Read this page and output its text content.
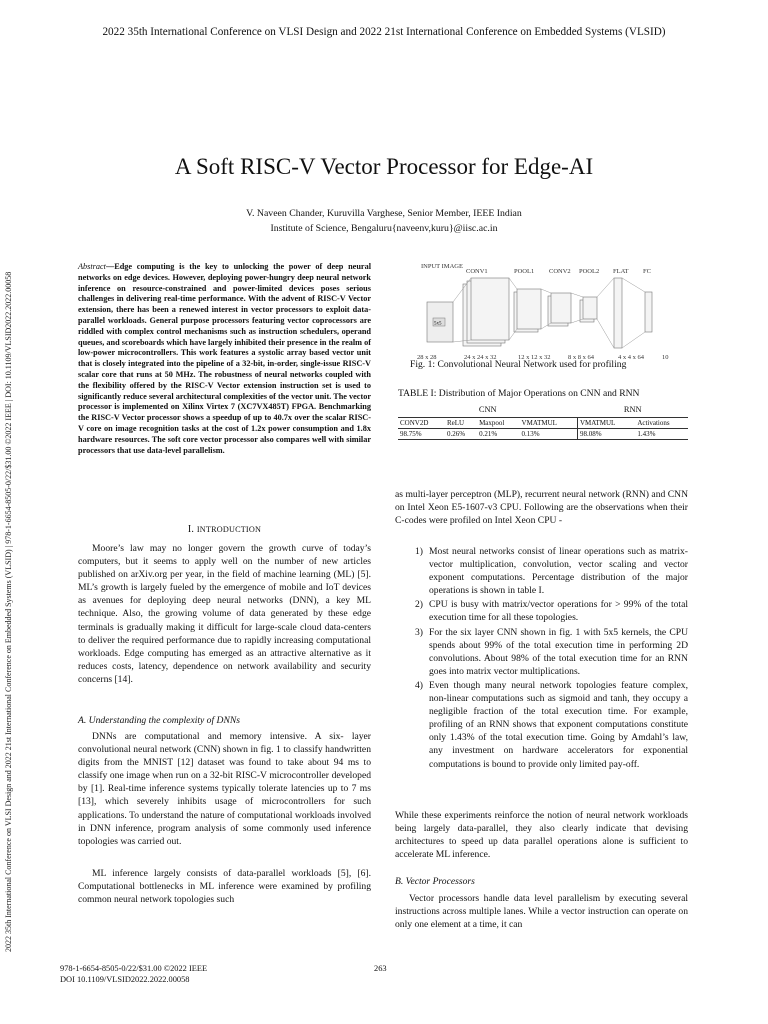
2022 35th International Conference on VLSI Design and 2022 21st International Conference on Embedded Systems (VLSID)
2022 35th International Conference on VLSI Design and 2022 21st International Conference on Embedded Systems (VLSID) | 978-1-6654-8505-0/22/$31.00 ©2022 IEEE | DOI: 10.1109/VLSID2022.2022.00058
A Soft RISC-V Vector Processor for Edge-AI
V. Naveen Chander, Kuruvilla Varghese, Senior Member, IEEE Indian
Institute of Science, Bengaluru{naveenv,kuru}@iisc.ac.in
Abstract—Edge computing is the key to unlocking the power of deep neural networks on edge devices. However, deploying power-hungry deep neural network inference on resource-constrained and power-limited devices poses serious challenges in delivering real-time performance. With the advent of RISC-V Vector extension, there has been a renewed interest in vector processors to exploit data-parallel workloads. General purpose processors featuring vector coprocessors are riddled with complex control mechanisms such as instruction schedulers, operand queues, and scoreboards which have largely inhibited their presence in the realm of low-power microcontrollers. This work features a systolic array based vector unit that is closely integrated into the pipeline of a 32-bit, in-order, single-issue RISC-V scalar core that runs at 50 MHz. The robustness of neural networks coupled with the flexibility offered by the RISC-V Vector extension instruction set is used to significantly reduce several architectural complexities of the vector unit. The vector processor is implemented on Xilinx Virtex 7 (XC7VX485T) FPGA. Benchmarking the RISC-V Vector processor shows a speedup of up to 40.7x over the scalar RISC-V core on image recognition tasks at the cost of 1.2x power consumption and 1.8x hardware resources. The soft core vector processor also compares well with similar processors that use data-level parallelism.
I. INTRODUCTION
Moore’s law may no longer govern the growth curve of today’s computers, but it seems to apply well on the number of new articles published on arXiv.org per year, in the field of machine learning (ML) [5]. ML’s growth is largely fueled by the emergence of mobile and IoT devices as avenues for deploying deep neural networks (DNN), a key ML technique. Also, the growing volume of data generated by these edge terminals is gradually making it difficult for large-scale cloud data-centers to deliver the required performance due to rapidly increasing computational workloads. Edge computing has emerged as an attractive alternative as it reduces costs, latency, dependence on network availability and security concerns [14].
A. Understanding the complexity of DNNs
DNNs are computational and memory intensive. A six- layer convolutional neural network (CNN) shown in fig. 1 to classify handwritten digits from the MNIST [12] dataset was found to take about 94 ms to classify one image when run on a 32-bit RISC-V microcontroller developed by [1]. Real-time inference systems typically tolerate latencies up to 7 ms [13], which severely inhibits usage of microcontrollers for such applications. To understand the nature of computational workloads involved in DNN inference, program analysis of some commonly used inference topologies was carried out.
ML inference largely consists of data-parallel workloads [5], [6]. Computational bottlenecks in ML inference were examined by profiling common neural network topologies such
INPUT IMAGE
CONV1	POOL1 CONV2 POOL2 FLAT FC
5x5
28 x 28	24 x 24 x 32	12 x 12 x 32	8 x 8 x 64	4 x 4 x 64	10
Fig. 1: Convolutional Neural Network used for profiling
TABLE I: Distribution of Major Operations on CNN and RNN
CNN				RNN	
CONV2D	ReLU	Maxpool	VMATMUL	VMATMUL	Activations
98.75%	0.26%	0.21%	0.13%	98.08%	1.43%
as multi-layer perceptron (MLP), recurrent neural network (RNN) and CNN on Intel Xeon E5-1607-v3 CPU. Following are the observations when their C-codes were profiled on Intel Xeon CPU -
1) Most neural networks consist of linear operations such as matrix-vector multiplication, convolution, vector scaling and vector exponent computations. Percentage distribution of the major operations is shown in table I.
2) CPU is busy with matrix/vector operations for > 99% of the total execution time for all these topologies.
3) For the six layer CNN shown in fig. 1 with 5x5 kernels, the CPU spends about 99% of the total execution time in performing 2D convolutions. About 98% of the total execution time for an RNN goes into matrix vector multiplications.
4) Even though many neural network topologies feature complex, non-linear computations such as sigmoid and tanh, they occupy a negligible fraction of the total execution time. For example, profiling of an RNN shows that exponent computations constitute only 1.43% of the total execution time. Going by Amdahl’s law, any investment on hardware accelerators for exponential computations is bound to provide only limited pay-off.
While these experiments reinforce the notion of neural network workloads being largely data-parallel, they also clearly indicate that devising architectures to speed up data parallel operations alone is sufficient to accelerate ML inference.
B. Vector Processors
Vector processors handle data level parallelism by executing several instructions across multiple lanes. While a vector instruction can operate on only one element at a time, it can
978-1-6654-8505-0/22/$31.00 ©2022 IEEE
DOI 10.1109/VLSID2022.2022.00058
263
